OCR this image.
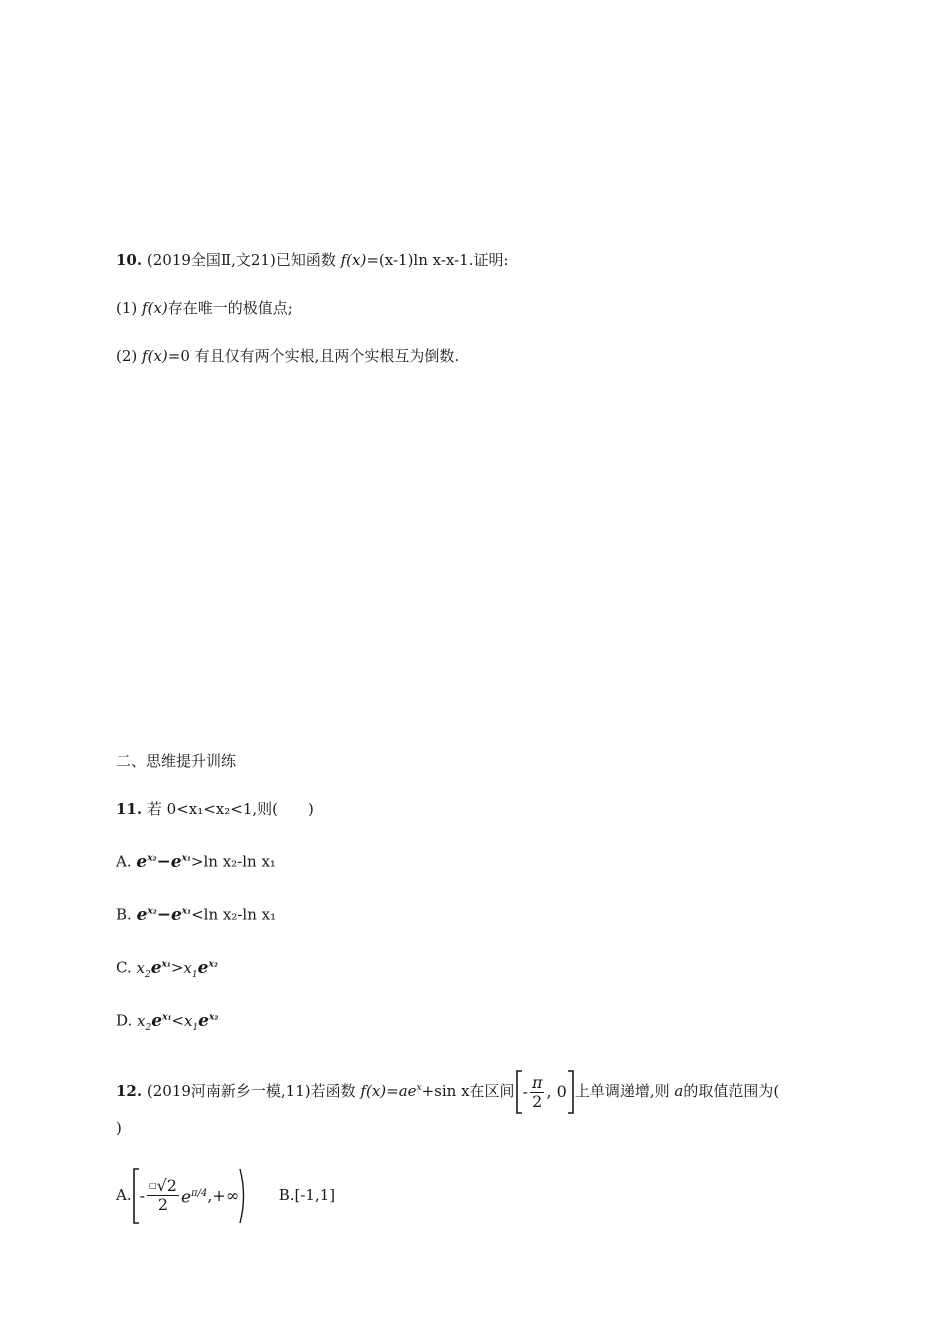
10. (2019全国Ⅱ,文21)已知函数 f(x)=(x-1)ln x-x-1.证明:
(1) f(x)存在唯一的极值点;
(2) f(x)=0 有且仅有两个实根,且两个实根互为倒数.
二、思维提升训练
11. 若 0<x₁<x₂<1,则(　　)
A. $e^{x_2}-e^{x_1}>\ln$ x₂-ln x₁
B. $e^{x_2}-e^{x_1}<\ln$ x₂-ln x₁
C. $x_2e^{x_1}>x_1e^{x_2}$
D. $x_2e^{x_1}<x_1e^{x_2}$
12. (2019河南新乡一模,11)若函数 $f(x)=ae^x+\sin$ x在区间 - $\frac{\pi}{2}$ , 0 上单调递增,则 a的取值范围为(
)
A. - $\frac{^□√2}{2} e^{\pi/4}$ ,+∞	B.[-1,1]
